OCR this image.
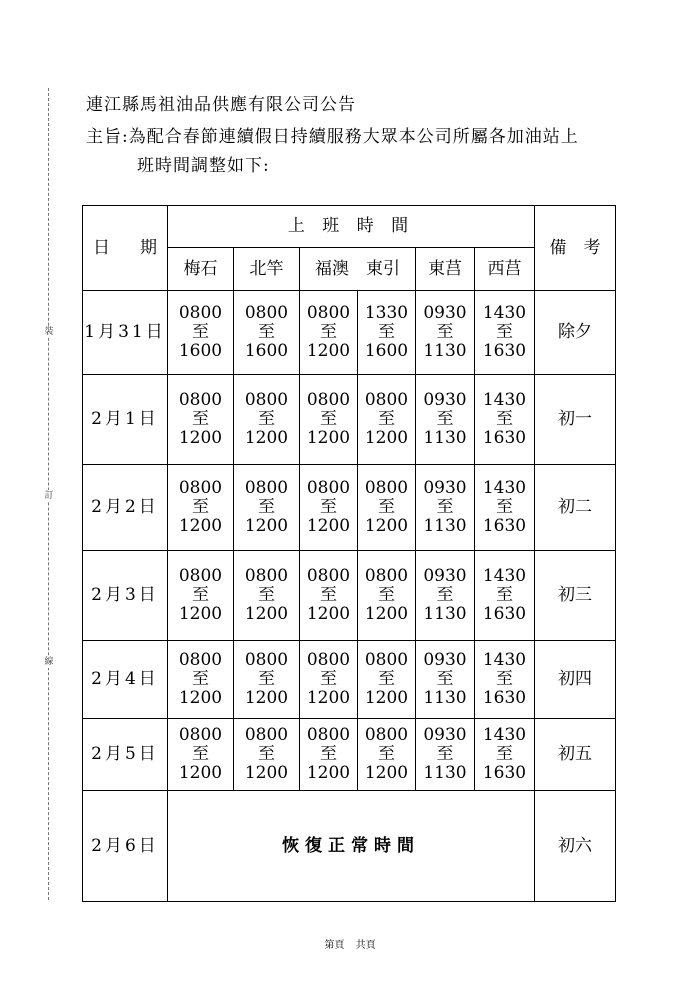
裝
訂
線
連江縣馬祖油品供應有限公司公告
主旨:為配合春節連續假日持續服務大眾本公司所屬各加油站上
班時間調整如下:
日 期	上 班 時 間						備　考
	梅石	北竿	福澳　東引		東莒	西莒	
1月31日	0800
至
1600	0800
至
1600	0800
至
1200	1330
至
1600	0930
至
1130	1430
至
1630	除夕
2月1日	0800
至
1200	0800
至
1200	0800
至
1200	0800
至
1200	0930
至
1130	1430
至
1630	初一
2月2日	0800
至
1200	0800
至
1200	0800
至
1200	0800
至
1200	0930
至
1130	1430
至
1630	初二
2月3日	0800
至
1200	0800
至
1200	0800
至
1200	0800
至
1200	0930
至
1130	1430
至
1630	初三
2月4日	0800
至
1200	0800
至
1200	0800
至
1200	0800
至
1200	0930
至
1130	1430
至
1630	初四
2月5日	0800
至
1200	0800
至
1200	0800
至
1200	0800
至
1200	0930
至
1130	1430
至
1630	初五
2月6日	恢復正常時間						初六
第頁 共頁
